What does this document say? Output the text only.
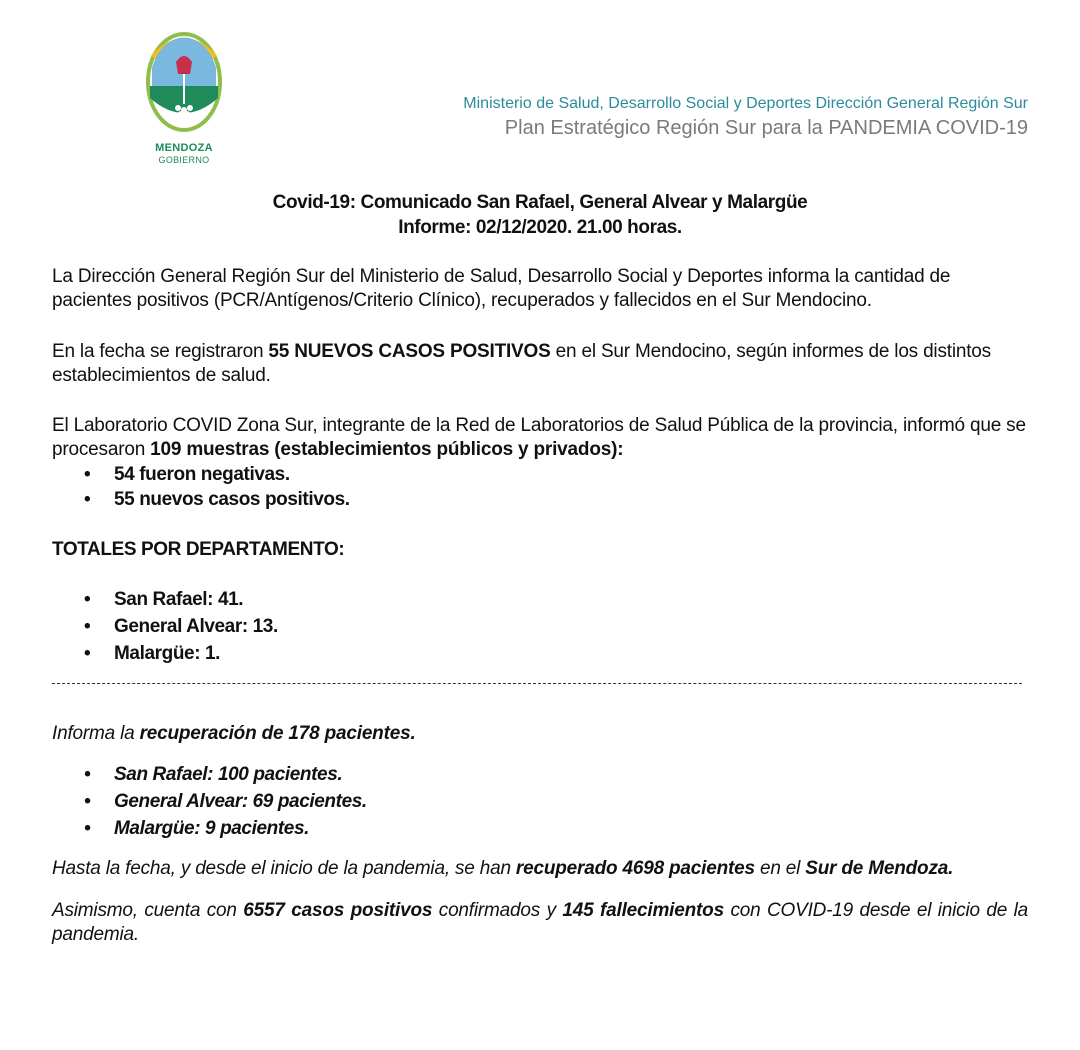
MENDOZA
GOBIERNO
Ministerio de Salud, Desarrollo Social y Deportes Dirección General Región Sur
Plan Estratégico Región Sur para la PANDEMIA COVID-19
Covid-19: Comunicado San Rafael, General Alvear y Malargüe
Informe: 02/12/2020. 21.00 horas.
La Dirección General Región Sur del Ministerio de Salud, Desarrollo Social y Deportes informa la cantidad de pacientes positivos (PCR/Antígenos/Criterio Clínico), recuperados y fallecidos en el Sur Mendocino.
En la fecha se registraron 55 NUEVOS CASOS POSITIVOS en el Sur Mendocino, según informes de los distintos establecimientos de salud.
El Laboratorio COVID Zona Sur, integrante de la Red de Laboratorios de Salud Pública de la provincia, informó que se procesaron 109 muestras (establecimientos públicos y privados):
• 54 fueron negativas.
• 55 nuevos casos positivos.
TOTALES POR DEPARTAMENTO:
• San Rafael: 41.
• General Alvear: 13.
• Malargüe: 1.
Informa la recuperación de 178 pacientes.
• San Rafael: 100 pacientes.
• General Alvear: 69 pacientes.
• Malargüe: 9 pacientes.
Hasta la fecha, y desde el inicio de la pandemia, se han recuperado 4698 pacientes en el Sur de Mendoza.
Asimismo, cuenta con 6557 casos positivos confirmados y 145 fallecimientos con COVID-19 desde el inicio de la pandemia.
